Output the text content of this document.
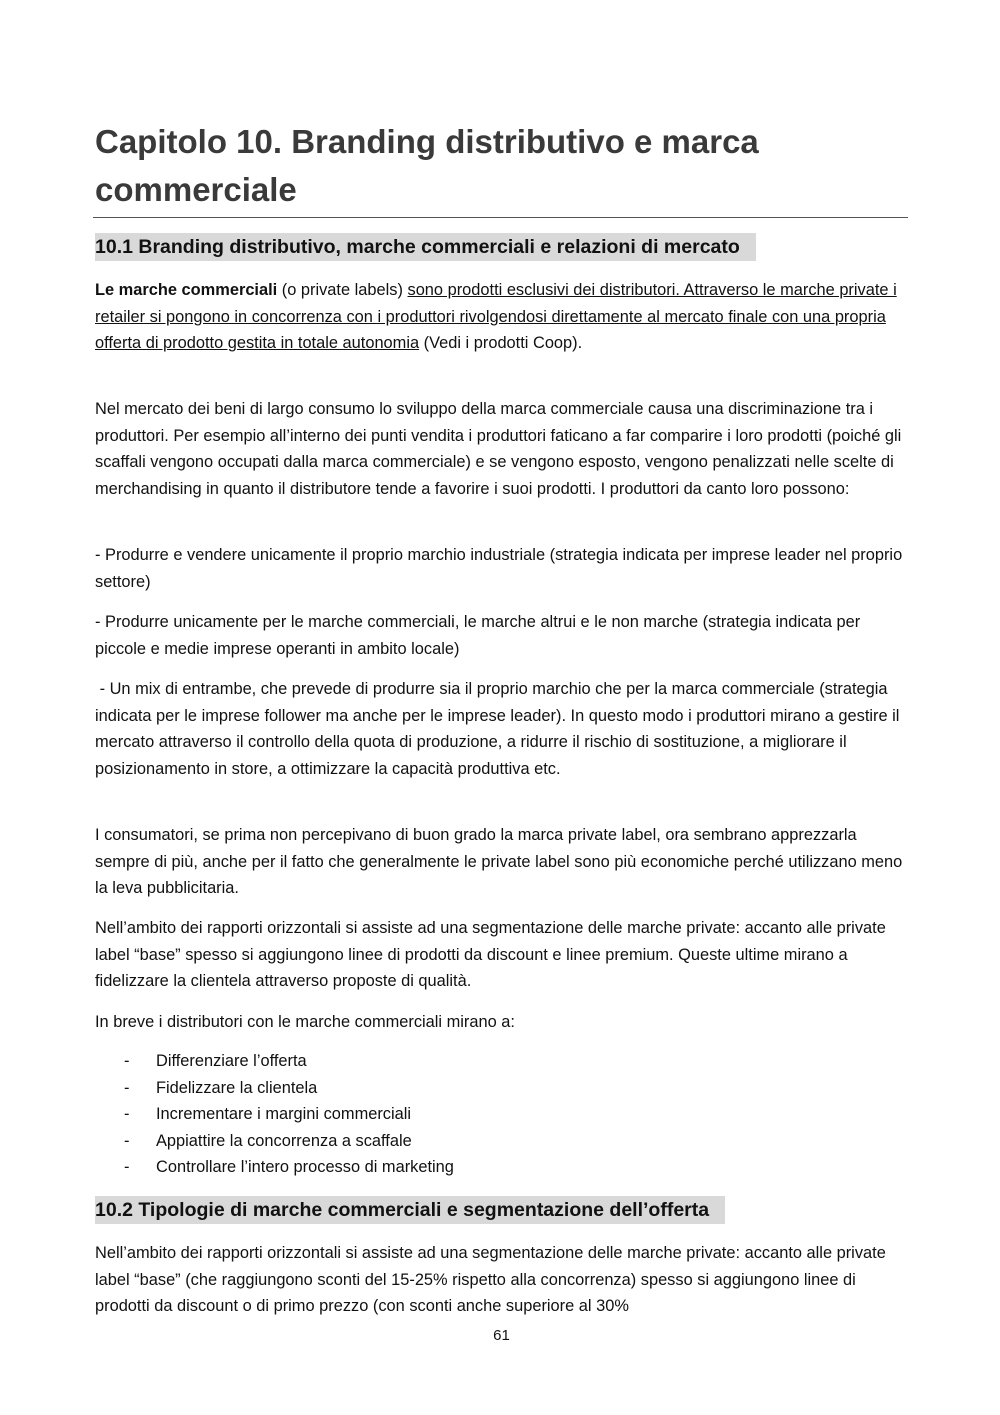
Capitolo 10. Branding distributivo e marca
commerciale
10.1 Branding distributivo, marche commerciali e relazioni di mercato

Le marche commerciali (o private labels) sono prodotti esclusivi dei distributori. Attraverso le marche private i retailer si pongono in concorrenza con i produttori rivolgendosi direttamente al mercato finale con una propria offerta di prodotto gestita in totale autonomia (Vedi i prodotti Coop).

Nel mercato dei beni di largo consumo lo sviluppo della marca commerciale causa una discriminazione tra i produttori. Per esempio all’interno dei punti vendita i produttori faticano a far comparire i loro prodotti (poiché gli scaffali vengono occupati dalla marca commerciale) e se vengono esposto, vengono penalizzati nelle scelte di merchandising in quanto il distributore tende a favorire i suoi prodotti. I produttori da canto loro possono:

- Produrre e vendere unicamente il proprio marchio industriale (strategia indicata per imprese leader nel proprio settore)

- Produrre unicamente per le marche commerciali, le marche altrui e le non marche (strategia indicata per piccole e medie imprese operanti in ambito locale)

- Un mix di entrambe, che prevede di produrre sia il proprio marchio che per la marca commerciale (strategia indicata per le imprese follower ma anche per le imprese leader). In questo modo i produttori mirano a gestire il mercato attraverso il controllo della quota di produzione, a ridurre il rischio di sostituzione, a migliorare il posizionamento in store, a ottimizzare la capacità produttiva etc.

I consumatori, se prima non percepivano di buon grado la marca private label, ora sembrano apprezzarla sempre di più, anche per il fatto che generalmente le private label sono più economiche perché utilizzano meno la leva pubblicitaria.

Nell’ambito dei rapporti orizzontali si assiste ad una segmentazione delle marche private: accanto alle private label “base” spesso si aggiungono linee di prodotti da discount e linee premium. Queste ultime mirano a fidelizzare la clientela attraverso proposte di qualità.

In breve i distributori con le marche commerciali mirano a:

- Differenziare l’offerta
- Fidelizzare la clientela
- Incrementare i margini commerciali
- Appiattire la concorrenza a scaffale
- Controllare l’intero processo di marketing
10.2 Tipologie di marche commerciali e segmentazione dell’offerta

Nell’ambito dei rapporti orizzontali si assiste ad una segmentazione delle marche private: accanto alle private label “base” (che raggiungono sconti del 15-25% rispetto alla concorrenza) spesso si aggiungono linee di prodotti da discount o di primo prezzo (con sconti anche superiore al 30%

61
